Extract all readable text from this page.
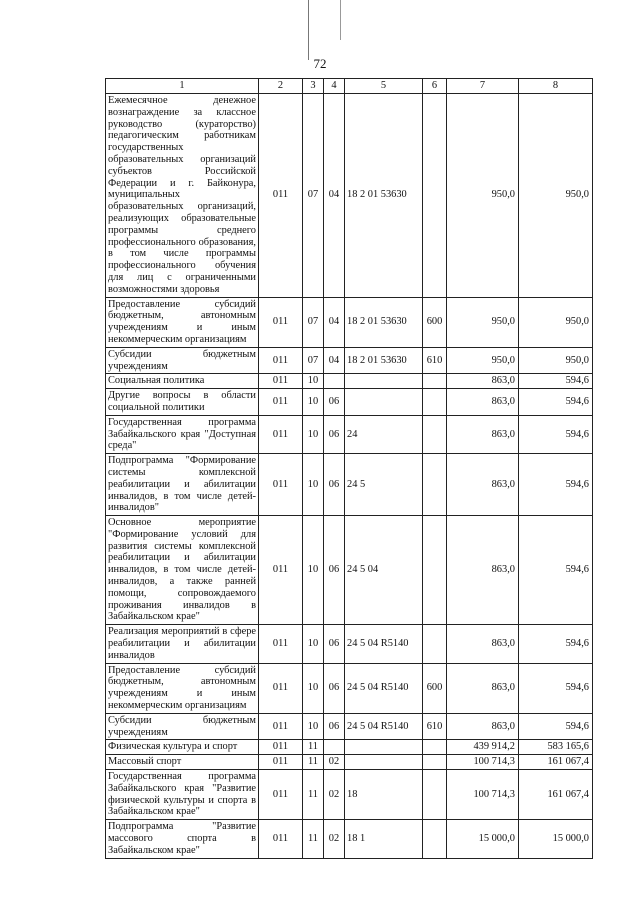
72
1	2	3	4	5	6	7	8
Ежемесячное денежное вознаграждение за классное руководство (кураторство) педагогическим работникам государственных образовательных организаций субъектов Российской Федерации и г. Байконура, муниципальных образовательных организаций, реализующих образовательные программы среднего профессионального образования, в том числе программы профессионального обучения для лиц с ограниченными возможностями здоровья	011	07	04	18 2 01 53630		950,0	950,0
Предоставление субсидий бюджетным, автономным учреждениям и иным некоммерческим организациям	011	07	04	18 2 01 53630	600	950,0	950,0
Субсидии бюджетным учреждениям	011	07	04	18 2 01 53630	610	950,0	950,0
Социальная политика	011	10				863,0	594,6
Другие вопросы в области социальной политики	011	10	06			863,0	594,6
Государственная программа Забайкальского края "Доступная среда"	011	10	06	24		863,0	594,6
Подпрограмма "Формирование системы комплексной реабилитации и абилитации инвалидов, в том числе детей-инвалидов"	011	10	06	24 5		863,0	594,6
Основное мероприятие "Формирование условий для развития системы комплексной реабилитации и абилитации инвалидов, в том числе детей-инвалидов, а также ранней помощи, сопровождаемого проживания инвалидов в Забайкальском крае"	011	10	06	24 5 04		863,0	594,6
Реализация мероприятий в сфере реабилитации и абилитации инвалидов	011	10	06	24 5 04 R5140		863,0	594,6
Предоставление субсидий бюджетным, автономным учреждениям и иным некоммерческим организациям	011	10	06	24 5 04 R5140	600	863,0	594,6
Субсидии бюджетным учреждениям	011	10	06	24 5 04 R5140	610	863,0	594,6
Физическая культура и спорт	011	11				439 914,2	583 165,6
Массовый спорт	011	11	02			100 714,3	161 067,4
Государственная программа Забайкальского края "Развитие физической культуры и спорта в Забайкальском крае"	011	11	02	18		100 714,3	161 067,4
Подпрограмма "Развитие массового спорта в Забайкальском крае"	011	11	02	18 1		15 000,0	15 000,0
